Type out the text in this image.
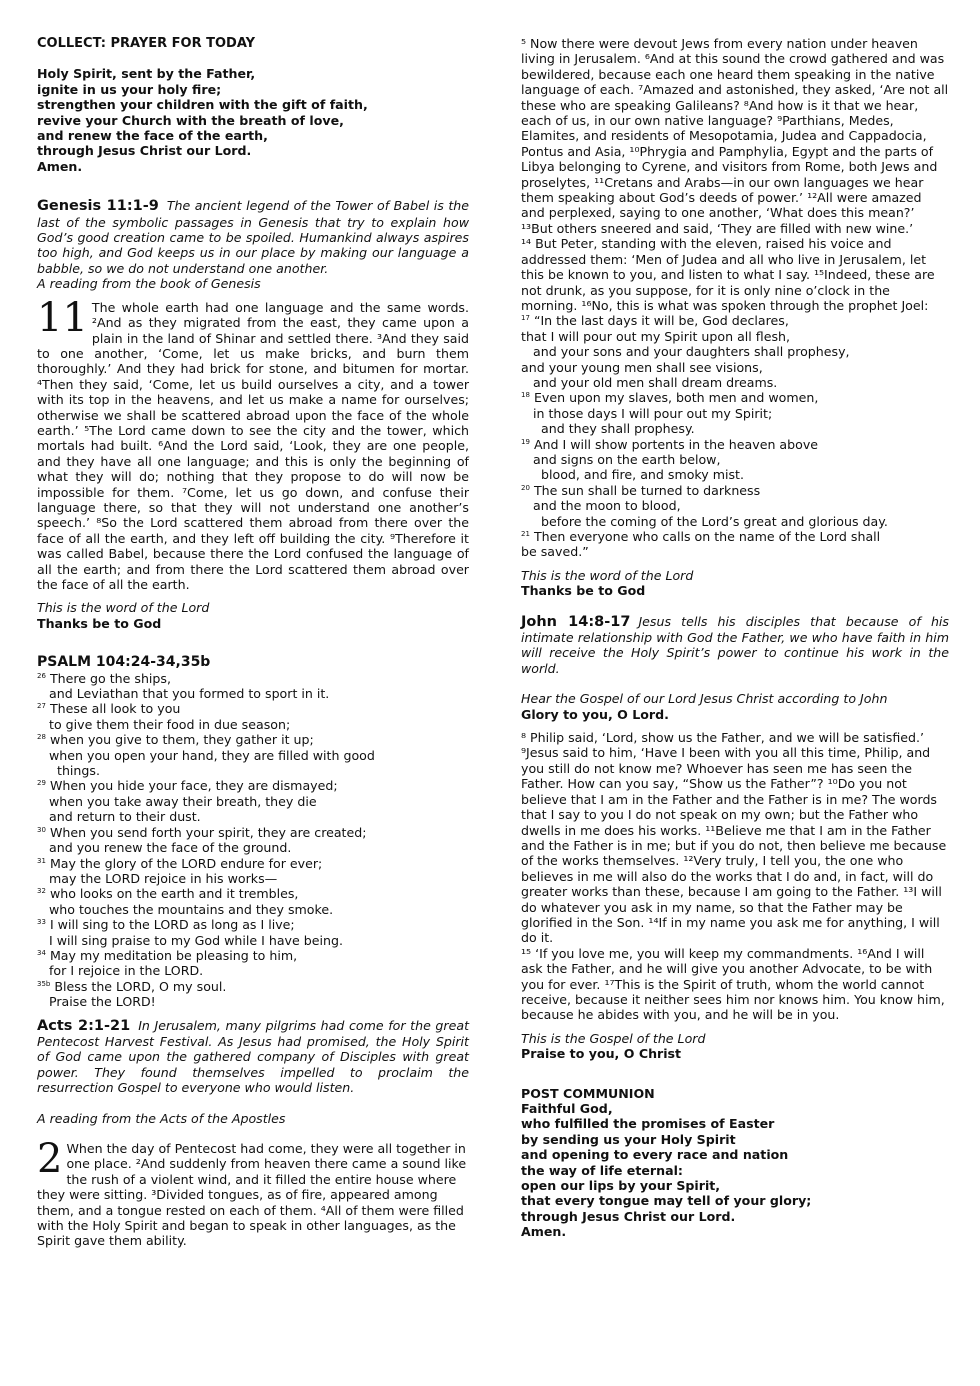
COLLECT: PRAYER FOR TODAY

Holy Spirit, sent by the Father,
ignite in us your holy fire;
strengthen your children with the gift of faith,
revive your Church with the breath of love,
and renew the face of the earth,
through Jesus Christ our Lord.
Amen.

Genesis 11:1-9 The ancient legend of the Tower of Babel is the last of the symbolic passages in Genesis that try to explain how God’s good creation came to be spoiled. Humankind always aspires too high, and God keeps us in our place by making our language a babble, so we do not understand one another.

A reading from the book of Genesis

11 The whole earth had one language and the same words. ²And as they migrated from the east, they came upon a plain in the land of Shinar and settled there. ³And they said to one another, ‘Come, let us make bricks, and burn them thoroughly.’ And they had brick for stone, and bitumen for mortar. ⁴Then they said, ‘Come, let us build ourselves a city, and a tower with its top in the heavens, and let us make a name for ourselves; otherwise we shall be scattered abroad upon the face of the whole earth.’ ⁵The Lord came down to see the city and the tower, which mortals had built. ⁶And the Lord said, ‘Look, they are one people, and they have all one language; and this is only the beginning of what they will do; nothing that they propose to do will now be impossible for them. ⁷Come, let us go down, and confuse their language there, so that they will not understand one another’s speech.’ ⁸So the Lord scattered them abroad from there over the face of all the earth, and they left off building the city. ⁹Therefore it was called Babel, because there the Lord confused the language of all the earth; and from there the Lord scattered them abroad over the face of all the earth.

This is the word of the Lord

Thanks be to God

PSALM 104:24-34,35b

$^{26}$ There go the ships,
and Leviathan that you formed to sport in it.
$^{27}$ These all look to you
to give them their food in due season;
$^{28}$ when you give to them, they gather it up;
when you open your hand, they are filled with good
things.
$^{29}$ When you hide your face, they are dismayed;
when you take away their breath, they die
and return to their dust.
$^{30}$ When you send forth your spirit, they are created;
and you renew the face of the ground.
$^{31}$ May the glory of the LORD endure for ever;
may the LORD rejoice in his works—
$^{32}$ who looks on the earth and it trembles,
who touches the mountains and they smoke.
$^{33}$ I will sing to the LORD as long as I live;
I will sing praise to my God while I have being.
$^{34}$ May my meditation be pleasing to him,
for I rejoice in the LORD.
$^{35b}$ Bless the LORD, O my soul.
Praise the LORD!

Acts 2:1-21 In Jerusalem, many pilgrims had come for the great Pentecost Harvest Festival. As Jesus had promised, the Holy Spirit of God came upon the gathered company of Disciples with great power. They found themselves impelled to proclaim the resurrection Gospel to everyone who would listen.

A reading from the Acts of the Apostles

2 When the day of Pentecost had come, they were all together in one place. ²And suddenly from heaven there came a sound like the rush of a violent wind, and it filled the entire house where they were sitting. ³Divided tongues, as of fire, appeared among them, and a tongue rested on each of them. ⁴All of them were filled with the Holy Spirit and began to speak in other languages, as the Spirit gave them ability.

⁵ Now there were devout Jews from every nation under heaven living in Jerusalem. ⁶And at this sound the crowd gathered and was bewildered, because each one heard them speaking in the native language of each. ⁷Amazed and astonished, they asked, ‘Are not all these who are speaking Galileans? ⁸And how is it that we hear, each of us, in our own native language? ⁹Parthians, Medes, Elamites, and residents of Mesopotamia, Judea and Cappadocia, Pontus and Asia, ¹⁰Phrygia and Pamphylia, Egypt and the parts of Libya belonging to Cyrene, and visitors from Rome, both Jews and proselytes, ¹¹Cretans and Arabs—in our own languages we hear them speaking about God’s deeds of power.’ ¹²All were amazed and perplexed, saying to one another, ‘What does this mean?’ ¹³But others sneered and said, ‘They are filled with new wine.’

¹⁴ But Peter, standing with the eleven, raised his voice and addressed them: ‘Men of Judea and all who live in Jerusalem, let this be known to you, and listen to what I say. ¹⁵Indeed, these are not drunk, as you suppose, for it is only nine o’clock in the morning. ¹⁶No, this is what was spoken through the prophet Joel:

$^{17}$ “In the last days it will be, God declares,
that I will pour out my Spirit upon all flesh,
and your sons and your daughters shall prophesy,
and your young men shall see visions,
and your old men shall dream dreams.
$^{18}$ Even upon my slaves, both men and women,
in those days I will pour out my Spirit;
and they shall prophesy.
$^{19}$ And I will show portents in the heaven above
and signs on the earth below,
blood, and fire, and smoky mist.
$^{20}$ The sun shall be turned to darkness
and the moon to blood,
before the coming of the Lord’s great and glorious day.
$^{21}$ Then everyone who calls on the name of the Lord shall
be saved.”

This is the word of the Lord

Thanks be to God

John 14:8-17 Jesus tells his disciples that because of his intimate relationship with God the Father, we who have faith in him will receive the Holy Spirit’s power to continue his work in the world.

Hear the Gospel of our Lord Jesus Christ according to John

Glory to you, O Lord.

⁸ Philip said, ‘Lord, show us the Father, and we will be satisfied.’ ⁹Jesus said to him, ‘Have I been with you all this time, Philip, and you still do not know me? Whoever has seen me has seen the Father. How can you say, “Show us the Father”? ¹⁰Do you not believe that I am in the Father and the Father is in me? The words that I say to you I do not speak on my own; but the Father who dwells in me does his works. ¹¹Believe me that I am in the Father and the Father is in me; but if you do not, then believe me because of the works themselves. ¹²Very truly, I tell you, the one who believes in me will also do the works that I do and, in fact, will do greater works than these, because I am going to the Father. ¹³I will do whatever you ask in my name, so that the Father may be glorified in the Son. ¹⁴If in my name you ask me for anything, I will do it.

¹⁵ ‘If you love me, you will keep my commandments. ¹⁶And I will ask the Father, and he will give you another Advocate, to be with you for ever. ¹⁷This is the Spirit of truth, whom the world cannot receive, because it neither sees him nor knows him. You know him, because he abides with you, and he will be in you.

This is the Gospel of the Lord

Praise to you, O Christ

POST COMMUNION

Faithful God,
who fulfilled the promises of Easter
by sending us your Holy Spirit
and opening to every race and nation
the way of life eternal:
open our lips by your Spirit,
that every tongue may tell of your glory;
through Jesus Christ our Lord.
Amen.
